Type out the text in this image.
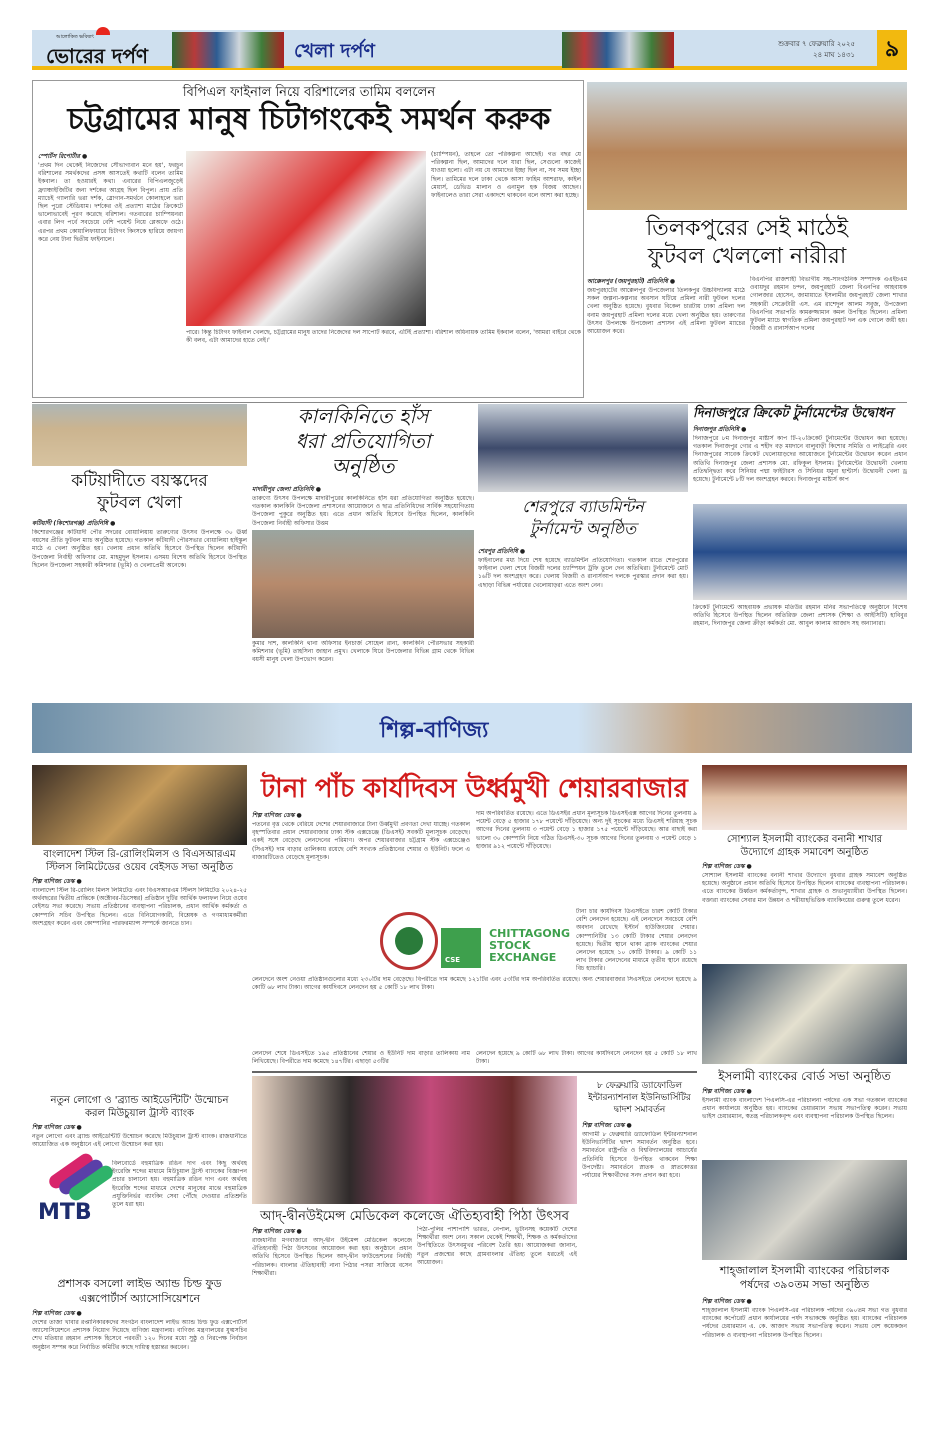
আলোকিত ভবিষ্যৎ
ভোরের দর্পণ	খেলা দর্পণ	শুক্রবার ৭ ফেব্রুয়ারি ২০২৫
২৪ মাঘ ১৪৩১	৯
বিপিএল ফাইনাল নিয়ে বরিশালের তামিম বললেন
চট্টগ্রামের মানুষ চিটাগংকেই সমর্থন করুক
স্পোর্টস রিপোর্টার ●
'প্রথম দিন থেকেই নিজেদের সৌভাগ্যবান মনে হয়', ফরচুন বরিশালের সমর্থকদের প্রসঙ্গ আসতেই কথাটি বলেন তামিম ইকবাল। তা হওয়ারই কথা। এবারের বিপিএলজুড়েই ফ্র্যাঞ্চাইজিটির জন্য দর্শকের আগ্রহ ছিল বিপুল। প্রায় প্রতি ম্যাচেই গ্যালারি ভরা দর্শক, স্লোগান-সমর্থনে কোলাহলে ভরা ছিল পুরো স্টেডিয়াম। দর্শকের ওই প্রত্যাশা মাঠের ক্রিকেটে ভালোভাবেই পূরণ করেছে বরিশাল। গতবারের চ্যাম্পিয়নরা এবার লিগ পর্বে সবচেয়ে বেশি পয়েন্ট নিয়ে প্লেঅফে ওঠে। এরপর প্রথম কোয়ালিফায়ারে চিটাগং কিংসকে হারিয়ে জায়গা করে নেয় টানা দ্বিতীয় ফাইনালে।
(চ্যাম্পিয়ন), তাহলে তো পরিকল্পনা আছেই। গত বছর যে পরিকল্পনা ছিল, আমাদের দলে যারা ছিল, সেগুলো কাজেই যাওয়া হলো। এটা নয় যে আমাদের ইচ্ছা ছিল না, সব সময় ইচ্ছা ছিল। তামিমের দলে ঢাকা থেকে আসা ফাহিম আশরাফ, কাইল মেয়ার্স, ডেভিড মালান ও এনামুল হক বিজয় আছেন। ফাইনালেও তারা সেরা একাদশে থাকবেন বলে আশা করা হচ্ছে।
পারে। কিন্তু চিটাগং ফাইনাল খেলছে, চট্টগ্রামের মানুষ তাদের নিজেদের দল সাপোর্ট করবে, এটিই প্রত্যাশা। বরিশাল অধিনায়ক তামিম ইকবাল বলেন, 'আমরা বাইরে থেকে কী বলব, এটা আমাদের হাতে নেই।'
তিলকপুরের সেই মাঠেই
ফুটবল খেললো নারীরা
আক্কেলপুর (জয়পুরহাট) প্রতিনিধি ●
জয়পুরহাটের আক্কেলপুর উপজেলার তিলকপুর উচ্চবিদ্যালয় মাঠে সকল জল্পনা-কল্পনার অবসান ঘটিয়ে প্রমিলা নারী ফুটবল দলের খেলা অনুষ্ঠিত হয়েছে। বুধবার বিকেল চারটায় ঢাকা প্রমিলা দল বনাম জয়পুরহাট প্রমিলা দলের মধ্যে খেলা অনুষ্ঠিত হয়। তারুণ্যের উৎসব উপলক্ষে উপজেলা প্রশাসন এই প্রমিলা ফুটবল ম্যাচের আয়োজন করে।
বিএনপির রাজশাহী বিভাগীয় সহ-সাংগঠনিক সম্পাদক এএইচএম ওবায়দুর রহমান চন্দন, জয়পুরহাট জেলা বিএনপির আহবায়ক গোলজার হোসেন, জামায়াতে ইসলামীর জয়পুরহাট জেলা শাখার সহকারী সেক্রেটারী এস. এম রাশেদুল আলম সবুজ, উপজেলা বিএনপির সভাপতি কামরুজ্জামান কমল উপস্থিত ছিলেন। প্রমিলা ফুটবল ম্যাচে স্বাগতিক প্রমিলা জয়পুরহাট দল এক গোলে জয়ী হয়। বিজয়ী ও রানার্সআপ দলের
কটিয়াদীতে বয়স্কদের
ফুটবল খেলা
কটিয়াদী (কিশোরগঞ্জ) প্রতিনিধি ●
কিশোরগঞ্জের কটিয়াদী পৌর সদরের বোয়ালিয়ায় তারুণ্যের উৎসব উপলক্ষে ৩০ ঊর্ধ্ব বয়সের প্রীতি ফুটবল ম্যাচ অনুষ্ঠিত হয়েছে। গতকাল কটিয়াদী পৌরসভার বোয়ালিয়া হাইস্কুল মাঠে এ খেলা অনুষ্ঠিত হয়। খেলায় প্রধান অতিথি হিসেবে উপস্থিত ছিলেন কটিয়াদী উপজেলা নির্বাহী অফিসার মো. মাহমুদুল ইসলাম। এসময় বিশেষ অতিথি হিসেবে উপস্থিত ছিলেন উপজেলা সহকারী কমিশনার (ভূমি) ও খেলাপ্রেমী অনেকে।
কালকিনিতে হাঁস
ধরা প্রতিযোগিতা
অনুষ্ঠিত
মাদারীপুর জেলা প্রতিনিধি ●
তারুণ্যে উৎসব উপলক্ষে মাদারীপুরের কালকিনিতে হাঁস ধরা প্রতিযোগিতা অনুষ্ঠিত হয়েছে। গতকাল কালকিনি উপজেলা প্রশাসনের আয়োজনে ও ছাত্র প্রতিনিধিদের সার্বিক সহযোগিতায় উপজেলা পুকুরে অনুষ্ঠিত হয়। এতে প্রধান অতিথি হিসেবে উপস্থিত ছিলেন, কালকিনি উপজেলা নির্বাহী অফিসার উত্তম
কুমার দাশ, কালকিনি থানা অফিসার ইনচার্জ সোহেল রানা, কালকিনি পৌরসভার সহকারী কমিশনার (ভূমি) তাহসিনা জাহান প্রমুখ। খেলাকে ঘিরে উপজেলার বিভিন্ন গ্রাম থেকে বিভিন্ন বয়সী মানুষ খেলা উপভোগ করেন।
শেরপুরে ব্যাডমিন্টন
টুর্নামেন্ট অনুষ্ঠিত
শেরপুর প্রতিনিধি ●
ফাইনালের মধ্য দিয়ে শেষ হয়েছে ব্যাডমিন্টন প্রতিযোগিতা। গতকাল রাতে শেরপুরের ফাইনাল খেলা শেষে বিজয়ী দলের চ্যাম্পিয়ন ট্রফি তুলে দেন অতিথিরা। টুর্নামেন্টে মোট ১৬টি দল অংশগ্রহণ করে। খেলায় বিজয়ী ও রানার্সআপ দলকে পুরস্কার প্রদান করা হয়। এছাড়া বিভিন্ন পর্যায়ের খেলোয়াড়রা এতে অংশ নেন।
দিনাজপুরে ক্রিকেট টুর্নামেন্টের উদ্বোধন
দিনাজপুর প্রতিনিধি ●
দিনাজপুরে ৮ম দিনাজপুর মাষ্টার্স কাপ টি-২০ক্রিকেট টুর্নামেন্টের উদ্বোধন করা হয়েছে। গতকাল দিনাজপুর গোর এ শহীদ বড় ময়দানে বালুবাড়ী কিশোর সমিতি ও লাইব্রেরি এবং দিনাজপুরের সাবেক ক্রিকেট খেলোয়াড়দের আয়োজনে টুর্নামেন্টের উদ্বোধন করেন প্রধান অতিথি দিনাজপুর জেলা প্রশাসক মো. রফিকুল ইসলাম। টুর্নামেন্টের উদ্বোধনী খেলায় প্রতিদ্বন্দ্বিতা করে সিনিয়র পদ্মা ফাইটারস ও সিনিয়র যমুনা হান্টার্স। উদ্বোধনী খেলা ড্র হয়েছে। টুর্নামেন্টে ৮টি দল অংশগ্রহন করবে। দিনাজপুর মাষ্টার্স কাপ
ক্রিকেট টুর্নামেন্টে আহবায়ক প্রভাষক মতিউর রহমান মনির সভাপতিত্বে অনুষ্ঠানে বিশেষ অতিথি হিসেবে উপস্থিত ছিলেন অতিরিক্ত জেলা প্রশাসক (শিক্ষা ও আইসিটি) হাবিবুর রহমান, দিনাজপুর জেলা ক্রীড়া কর্মকর্তা মো. আবুল কালাম আজাদ সহ অন্যান্যরা।
শিল্প-বাণিজ্য
বাংলাদেশ স্টিল রি-রোলিংমিলস ও বিএসআরএম
স্টিলস লিমিটেডের ওয়েব বেইসড সভা অনুষ্ঠিত
শিল্প বাণিজ্য ডেস্ক ●
বাংলাদেশ স্টিল রি-রোলিং মিলস লিমিটেড এবং বিএসআরএম স্টিলস লিমিটেড ২০২৪-২৫ অর্থবছরের দ্বিতীয় প্রান্তিকে (অক্টোবর-ডিসেম্বর) প্রতিষ্ঠান দুটির আর্থিক ফলাফল নিয়ে ওয়েব বেইসড সভা করেছে। সভায় প্রতিষ্ঠানের ব্যবস্থাপনা পরিচালক, প্রধান আর্থিক কর্মকর্তা ও কোম্পানি সচিব উপস্থিত ছিলেন। এতে বিনিয়োগকারী, বিশ্লেষক ও গণমাধ্যমকর্মীরা অংশগ্রহণ করেন এবং কোম্পানির পারফরম্যান্স সম্পর্কে জানতে চান।
টানা পাঁচ কার্যদিবস উর্ধ্বমুখী শেয়ারবাজার
শিল্প বাণিজ্য ডেস্ক ●
পতনের বৃত্ত থেকে বেরিয়ে দেশের শেয়ারবাজারে টানা উর্ধ্বমুখী প্রবণতা দেখা যাচ্ছে। গতকাল বৃহস্পতিবার প্রধান শেয়ারবাজার ঢাকা স্টক এক্সচেঞ্জে (ডিএসই) সবকটি মূল্যসূচক বেড়েছে। একই সঙ্গে বেড়েছে লেনদেনের পরিমাণ। অপর শেয়ারবাজার চট্টগ্রাম স্টক এক্সচেঞ্জেও (সিএসই) দাম বাড়ার তালিকায় রয়েছে বেশি সংখ্যক প্রতিষ্ঠানের শেয়ার ও ইউনিট। ফলে এ বাজারটিতেও বেড়েছে মূল্যসূচক।
দাম অপরিবর্তিত রয়েছে। এতে ডিএসইর প্রধান মূল্যসূচক ডিএসইএক্স আগের দিনের তুলনায় ৯ পয়েন্ট বেড়ে ৫ হাজার ১৭৮ পয়েন্টে দাঁড়িয়েছে। অন্য দুই সূচকের মধ্যে ডিএসই শরিয়াহ সূচক আগের দিনের তুলনায় ৩ পয়েন্ট বেড়ে ১ হাজার ১৭৫ পয়েন্টে দাঁড়িয়েছে। আর বাছাই করা ভালো ৩০ কোম্পানি নিয়ে গঠিত ডিএসই-৩০ সূচক আগের দিনের তুলনায় ৩ পয়েন্ট বেড়ে ১ হাজার ৯১২ পয়েন্টে দাঁড়িয়েছে।
CSE

CHITTAGONG
STOCK
EXCHANGE
টানা চার কার্যদিবস ডিএসইতে চারশ কোটি টাকার বেশি লেনদেন হয়েছে। এই লেনদেনে সবচেয়ে বেশি অবদান রেখেছে ইস্টার্ন হাউজিংয়ের শেয়ার। কোম্পানিটির ১৩ কোটি টাকার শেয়ার লেনদেন হয়েছে। দ্বিতীয় স্থানে থাকা ব্র্যাক ব্যাংকের শেয়ার লেনদেন হয়েছে ১০ কোটি টাকার। ৯ কোটি ১১ লাখ টাকার লেনদেনের মাধ্যমে তৃতীয় স্থানে রয়েছে বিচ হ্যাচারি।
লেনদেনে অংশ নেওয়া প্রতিষ্ঠানগুলোর মধ্যে ২৩০টির দাম বেড়েছে। বিপরীতে দাম কমেছে ১২১টির এবং ৫৩টির দাম অপরিবর্তিত রয়েছে। অন্য শেয়ারবাজার সিএসইতে লেনদেন হয়েছে ৯ কোটি ৬৮ লাখ টাকা। আগের কার্যদিবসে লেনদেন হয় ৫ কোটি ১৮ লাখ টাকা।
লেনদেন শেষে ডিএসইতে ১৯৫ প্রতিষ্ঠানের শেয়ার ও ইউনিট দাম বাড়ার তালিকায় নাম লিখিয়েছে। বিপরীতে দাম কমেছে ১৪৭টির। এছাড়া ৫৩টির
লেনদেন হয়েছে ৯ কোটি ৬৮ লাখ টাকা। আগের কার্যদিবসে লেনদেন হয় ৫ কোটি ১৮ লাখ টাকা।
সোশ্যাল ইসলামী ব্যাংকের বনানী শাখার
উদ্যোগে গ্রাহক সমাবেশ অনুষ্ঠিত
শিল্প বাণিজ্য ডেস্ক ●
সোশ্যাল ইসলামী ব্যাংকের বনানী শাখার উদ্যোগে বুধবার গ্রাহক সমাবেশ অনুষ্ঠিত হয়েছে। অনুষ্ঠানে প্রধান অতিথি হিসেবে উপস্থিত ছিলেন ব্যাংকের ব্যবস্থাপনা পরিচালক। এতে ব্যাংকের উর্ধ্বতন কর্মকর্তাবৃন্দ, শাখার গ্রাহক ও শুভানুধ্যায়ীরা উপস্থিত ছিলেন। বক্তারা ব্যাংকের সেবার মান উন্নয়ন ও শরীয়াহভিত্তিক ব্যাংকিংয়ের গুরুত্ব তুলে ধরেন।
ইসলামী ব্যাংকের বোর্ড সভা অনুষ্ঠিত
শিল্প বাণিজ্য ডেস্ক ●
ইসলামী ব্যাংক বাংলাদেশ পিএলসি-এর পরিচালনা পর্ষদের এক সভা গতকাল ব্যাংকের প্রধান কার্যালয়ে অনুষ্ঠিত হয়। ব্যাংকের চেয়ারম্যান সভায় সভাপতিত্ব করেন। সভায় ভাইস চেয়ারম্যান, স্বতন্ত্র পরিচালকবৃন্দ এবং ব্যবস্থাপনা পরিচালক উপস্থিত ছিলেন।
শাহ্জালাল ইসলামী ব্যাংকের পরিচালক
পর্ষদের ৩৯০তম সভা অনুষ্ঠিত
শিল্প বাণিজ্য ডেস্ক ●
শাহ্জালাল ইসলামী ব্যাংক পিএলসি-এর পরিচালক পর্ষদের ৩৯০তম সভা গত বুধবার ব্যাংকের কর্পোরেট প্রধান কার্যালয়ের পর্ষদ সভাকক্ষে অনুষ্ঠিত হয়। ব্যাংকের পরিচালক পর্ষদের চেয়ারম্যান এ. কে. আজাদ সভায় সভাপতিত্ব করেন। সভায় বেশ কয়েকজন পরিচালক ও ব্যবস্থাপনা পরিচালক উপস্থিত ছিলেন।
নতুন লোগো ও 'ব্র্যান্ড আইডেন্টিটি' উন্মোচন
করল মিউচুয়াল ট্রাস্ট ব্যাংক
শিল্প বাণিজ্য ডেস্ক ●
নতুন লোগো এবং ব্র্যান্ড আইডেন্টিটি উন্মোচন করেছে মিউচুয়াল ট্রাস্ট ব্যাংক। রাজধানীতে আয়োজিত এক অনুষ্ঠানে এই লোগো উন্মোচন করা হয়।
MTB
বিলবোর্ডে বহুমাত্রিক রঙিন দাগ এবং কিছু অর্থবহ ইংরেজি শব্দের মাধ্যমে মিউচুয়াল ট্রাস্ট ব্যাংকের বিজ্ঞাপন প্রচার চালানো হয়। বহুমাত্রিক রঙিন দাগ এবং অর্থবহ ইংরেজি শব্দের মাধ্যমে দেশের মানুষের মাঝে বহুমাত্রিক প্রযুক্তিনির্ভর ব্যাংকিং সেবা পৌঁছে দেওয়ার প্রতিশ্রুতি তুলে ধরা হয়।
প্রশাসক বসলো লাইভ অ্যান্ড চিল্ড ফুড
এক্সপোর্টার্স অ্যাসোসিয়েশনে
শিল্প বাণিজ্য ডেস্ক ●
দেশের তাজা খাবার রপ্তানিকারকদের সংগঠন বাংলাদেশ লাইভ অ্যান্ড চিল্ড ফুড এক্সপোর্টার্স অ্যাসোসিয়েশনে প্রশাসক নিয়োগ দিয়েছে বাণিজ্য মন্ত্রণালয়। বাণিজ্য মন্ত্রণালয়ের যুগ্মসচিব শেখ মতিয়ার রহমান প্রশাসক হিসেবে পরবর্তী ১২০ দিনের মধ্যে সুষ্ঠু ও নিরপেক্ষ নির্বাচন অনুষ্ঠান সম্পন্ন করে নির্বাচিত কমিটির কাছে দায়িত্ব হস্তান্তর করবেন।
আদ্-দ্বীনউইমেন্স মেডিকেল কলেজে ঐতিহ্যবাহী পিঠা উৎসব
শিল্প বাণিজ্য ডেস্ক ●
রাজধানীর মগবাজারে আদ্-দ্বীন উইমেন্স মেডিকেল কলেজে ঐতিহ্যবাহী পিঠা উৎসবের আয়োজন করা হয়। অনুষ্ঠানে প্রধান অতিথি হিসেবে উপস্থিত ছিলেন আদ্-দ্বীন ফাউন্ডেশনের নির্বাহী পরিচালক। বাংলার ঐতিহ্যবাহী নানা পিঠার পসরা সাজিয়ে বসেন শিক্ষার্থীরা।
পিঠা-পুলির পাশাপাশি ভারত, নেপাল, ভুটানসহ কয়েকটি দেশের শিক্ষার্থীরা অংশ নেন। সকাল থেকেই শিক্ষার্থী, শিক্ষক ও কর্মকর্তাদের উপস্থিতিতে উৎসবমুখর পরিবেশ তৈরি হয়। আয়োজকরা জানান, নতুন প্রজন্মের কাছে গ্রামবাংলার ঐতিহ্য তুলে ধরতেই এই আয়োজন।
৮ ফেব্রুয়ারি ড্যাফোডিল
ইন্টারন্যাশনাল ইউনিভার্সিটির
দ্বাদশ সমাবর্তন
শিল্প বাণিজ্য ডেস্ক ●
আগামী ৮ ফেব্রুয়ারি ড্যাফোডিল ইন্টারন্যাশনাল ইউনিভার্সিটির দ্বাদশ সমাবর্তন অনুষ্ঠিত হবে। সমাবর্তনে রাষ্ট্রপতি ও বিশ্ববিদ্যালয়ের আচার্যের প্রতিনিধি হিসেবে উপস্থিত থাকবেন শিক্ষা উপদেষ্টা। সমাবর্তনে স্নাতক ও স্নাতকোত্তর পর্যায়ের শিক্ষার্থীদের সনদ প্রদান করা হবে।
